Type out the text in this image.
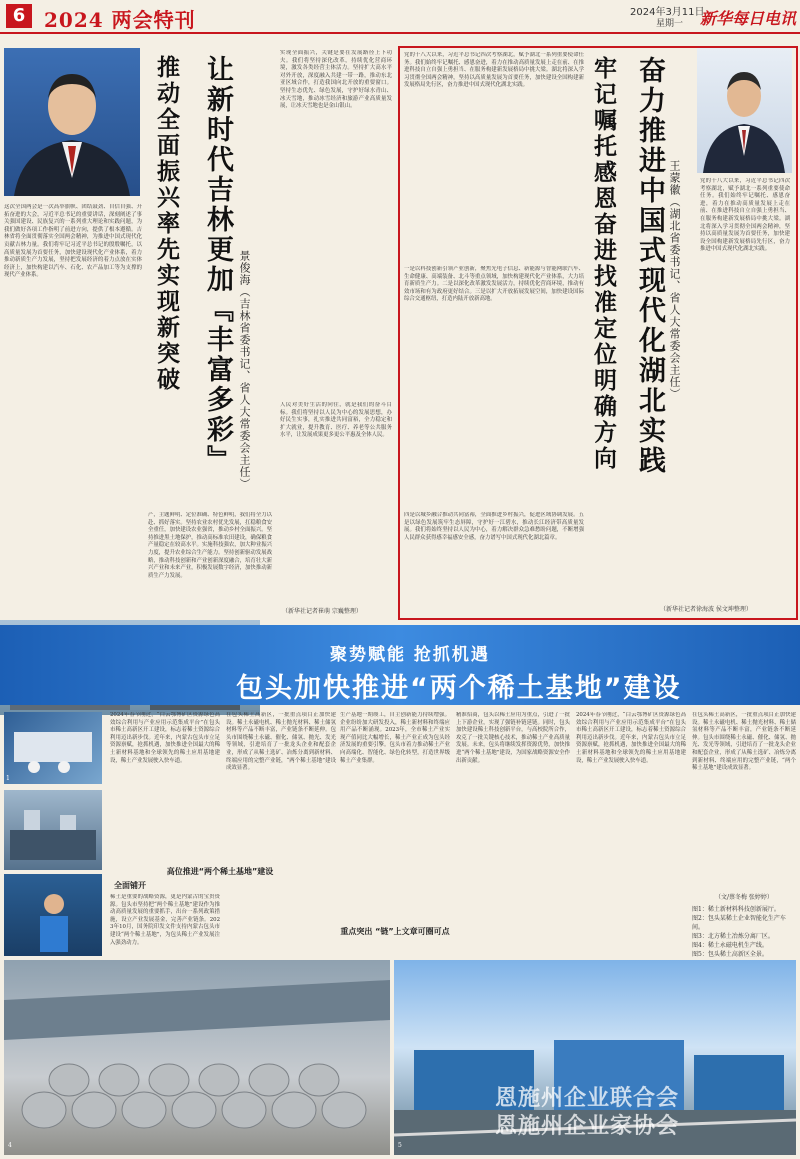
6 2024 两会特刊	2024年3月11日
星期一 新华每日电讯
让新时代吉林更加『丰富多彩』
推动全面振兴率先实现新突破	景俊海（吉林省委书记、省人大常委会主任）
这次全国两会是一次高举旗帜、团结鼓劲、自信自强、开拓奋进的大会，习近平总书记的重要讲话，深刻阐述了事关强国建设、民族复兴的一系列重大理论和实践问题，为我们做好各项工作指明了前进方向，提供了根本遵循。吉林省将全面贯彻落实全国两会精神，为推进中国式现代化贡献吉林力量。我们将牢记习近平总书记的殷殷嘱托，以高质量发展为首要任务，加快建设现代化产业体系，着力推动新质生产力发展，坚持把发展经济的着力点放在实体经济上，加快构建以汽车、石化、农产品加工等为支撑的现代产业体系。
产，主题鲜明、定位准确、特色鲜明，我们将全力以赴、抓好落实。坚持农业农村优先发展，扛稳粮食安全重任，加快建设农业强省，推动乡村全面振兴。坚持推进黑土地保护，推动高标准农田建设，确保粮食产量稳定在较高水平。实施科技强农，加大种业振兴力度，提升农业综合生产能力。坚持创新驱动发展战略，推动科技创新和产业创新深度融合，培育壮大新兴产业和未来产业，积极发展数字经济，加快推动新质生产力发展。
实现全面振兴，关键是要在发展路径上下功夫。我们将坚持深化改革，持续优化营商环境，激发各类经营主体活力。坚持扩大高水平对外开放，深度融入共建一带一路，推动东北亚区域合作，打造我国向北开放的重要窗口。坚持生态优先、绿色发展，守护好绿水青山、冰天雪地，推动冰雪经济和旅游产业高质量发展，让冰天雪地也是金山银山。
人民对美好生活的向往，就是我们的奋斗目标。我们将坚持以人民为中心的发展思想，办好民生实事，扎实推进共同富裕，全力稳定和扩大就业，提升教育、医疗、养老等公共服务水平，让发展成果更多更公平惠及全体人民。
（新华社记者崔萌 宗巍整理）
党的十八大以来，习近平总书记四次考察湖北，赋予湖北一系列重要使命任务。我们始终牢记嘱托、感恩奋进，着力在推动高质量发展上走在前、在推进科技自立自强上勇担当、在服务构建新发展格局中挑大梁。湖北将深入学习贯彻全国两会精神，坚持以高质量发展为首要任务，加快建设全国构建新发展格局先行区，奋力推进中国式现代化湖北实践。
一是以科技创新引领产业创新，聚焦光电子信息、新能源与智能网联汽车、生命健康、高端装备、北斗等重点领域，加快构建现代化产业体系，大力培育新质生产力。二是以深化改革激发发展活力，持续优化营商环境，推动有效市场和有为政府更好结合。三是以扩大开放拓展发展空间，加快建设国际综合交通枢纽，打造内陆开放新高地。
四是以城乡融合推动共同富裕，全面推进乡村振兴，促进区域协调发展。五是以绿色发展筑牢生态屏障，守护好一江碧水，推动长江经济带高质量发展。我们将始终坚持以人民为中心，着力解决群众急难愁盼问题，不断增强人民群众获得感幸福感安全感，奋力谱写中国式现代化湖北篇章。
奋力推进中国式现代化湖北实践
牢记嘱托感恩奋进找准定位明确方向	王蒙徽（湖北省委书记、省人大常委会主任）	党的十八大以来，习近平总书记四次考察湖北，赋予湖北一系列重要使命任务。我们始终牢记嘱托、感恩奋进，着力在推动高质量发展上走在前、在推进科技自立自强上勇担当、在服务构建新发展格局中挑大梁。湖北将深入学习贯彻全国两会精神，坚持以高质量发展为首要任务，加快建设全国构建新发展格局先行区，奋力推进中国式现代化湖北实践。
（新华社记者徐海波 侯文坤整理）
聚势赋能 抢抓机遇
包头加快推进“两个稀土基地”建设
1
2024年春节刚过，“白云鄂博矿区资源绿色高效综合利用与产业应用示范集成平台”在包头市稀土高新区开工建设，标志着稀土资源综合利用迈出新步伐。近年来，内蒙古包头市立足资源禀赋，抢抓机遇，加快推进全国最大的稀土新材料基地和全球领先的稀土应用基地建设，稀土产业发展驶入快车道。
高位推进“两个稀土基地”建设
全面铺开
稀土是重要的战略资源，更是内蒙古的宝贵资源。包头市坚持把“两个稀土基地”建设作为推动高质量发展的重要抓手，出台一系列政策措施，设立产业发展基金，完善产业链条。2023年10月，国务院印发文件支持内蒙古包头市建设“两个稀土基地”，为包头稀土产业发展注入强劲动力。
在包头稀土高新区，一批重点项目正加快建设。稀土永磁电机、稀土抛光材料、稀土储氢材料等产品不断丰富，产业链条不断延伸。包头市围绕稀土永磁、催化、储氢、抛光、发光等领域，引进培育了一批龙头企业和配套企业，形成了从稀土选矿、冶炼分离到新材料、终端应用的完整产业链，“两个稀土基地”建设成效显著。
重点突出 “链”上文章可圈可点
生产基地一期竣工，自主创新能力持续增强。企业纷纷加大研发投入，稀土新材料和终端应用产品不断涌现。2023年，全市稀土产业实现产值同比大幅增长，稀土产业正成为包头经济发展的重要引擎。包头市着力推动稀土产业向高端化、智能化、绿色化转型，打造世界级稀土产业集群。
精准招商，包头以稀土应用为重点，引进了一批上下游企业，实现了强链补链延链。同时，包头加快建设稀土科技创新平台，与高校院所合作，攻克了一批关键核心技术，推动稀土产业高质量发展。未来，包头将继续发挥资源优势，加快推进“两个稀土基地”建设，为国家战略资源安全作出新贡献。
2024年春节刚过，“白云鄂博矿区资源绿色高效综合利用与产业应用示范集成平台”在包头市稀土高新区开工建设，标志着稀土资源综合利用迈出新步伐。近年来，内蒙古包头市立足资源禀赋，抢抓机遇，加快推进全国最大的稀土新材料基地和全球领先的稀土应用基地建设，稀土产业发展驶入快车道。
在包头稀土高新区，一批重点项目正加快建设。稀土永磁电机、稀土抛光材料、稀土储氢材料等产品不断丰富，产业链条不断延伸。包头市围绕稀土永磁、催化、储氢、抛光、发光等领域，引进培育了一批龙头企业和配套企业，形成了从稀土选矿、冶炼分离到新材料、终端应用的完整产业链，“两个稀土基地”建设成效显著。
（文/蔡冬梅 张婷婷）
图1：稀土新材料科技创新展厅。
图2：包头某稀土企业智能化生产车间。
图3：北方稀土冶炼分离厂区。
图4：稀土永磁电机生产线。
图5：包头稀土高新区全景。
4	5
恩施州企业联合会
恩施州企业家协会
